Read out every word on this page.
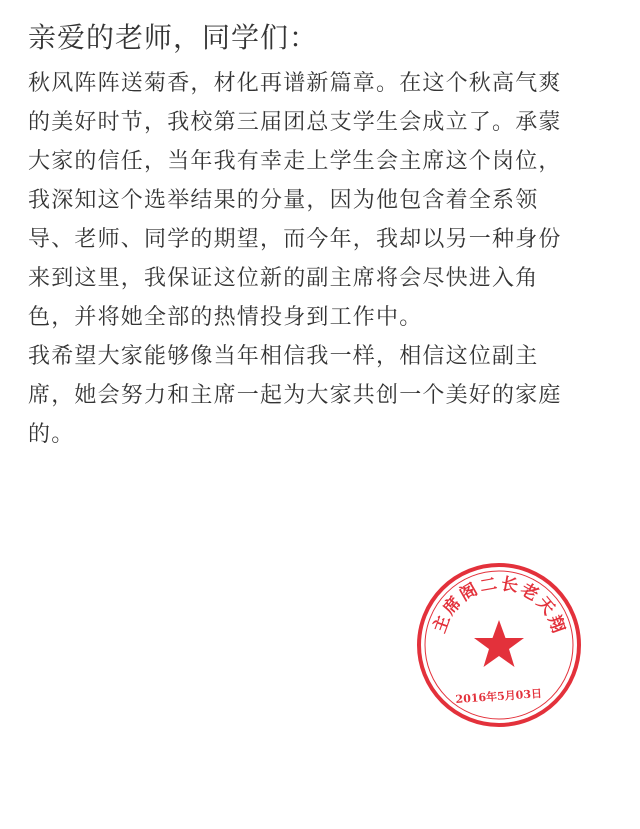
亲爱的老师，同学们：

秋风阵阵送菊香，材化再谱新篇章。在这个秋高气爽
的美好时节，我校第三届团总支学生会成立了。承蒙
大家的信任，当年我有幸走上学生会主席这个岗位，
我深知这个选举结果的分量，因为他包含着全系领
导、老师、同学的期望，而今年，我却以另一种身份
来到这里，我保证这位新的副主席将会尽快进入角
色，并将她全部的热情投身到工作中。

我希望大家能够像当年相信我一样，相信这位副主
席，她会努力和主席一起为大家共创一个美好的家庭
的。

主
席
阁
二 长
老
天
翔
2016年5月03日
